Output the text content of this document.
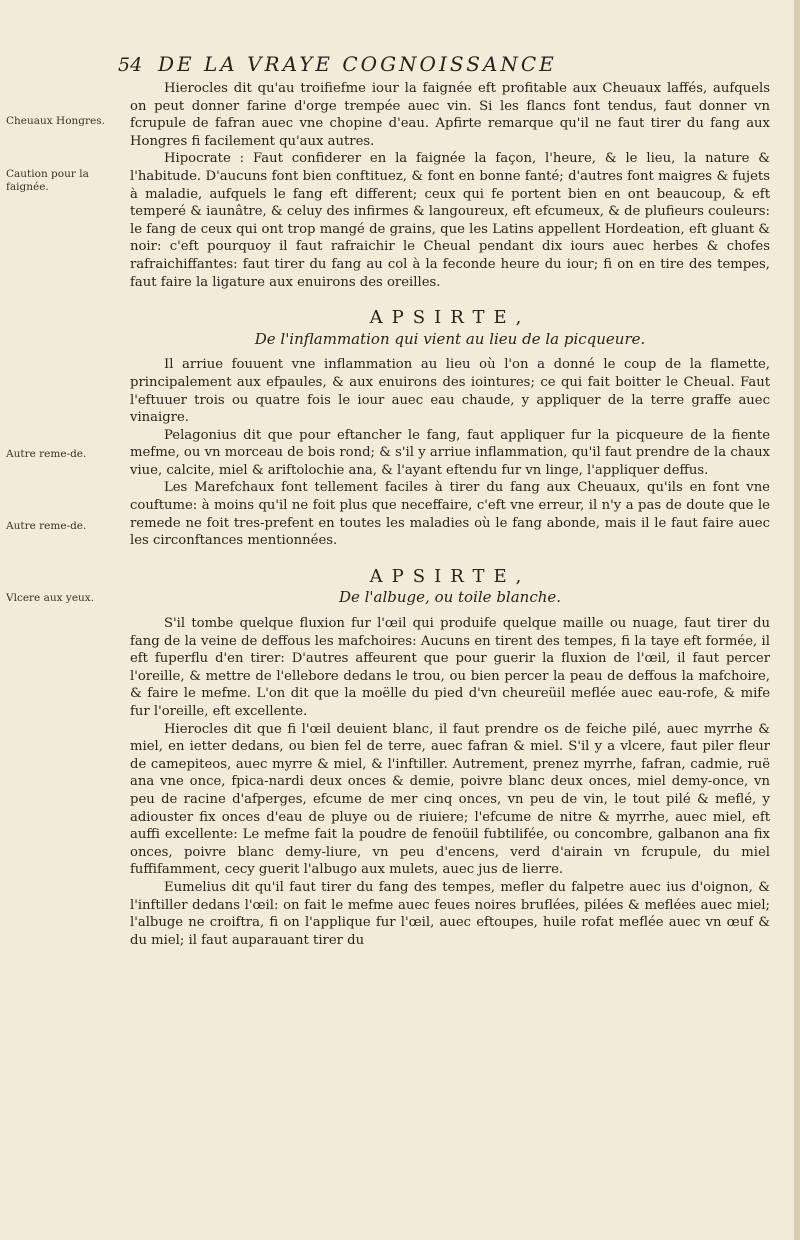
54 DE LA VRAYE COGNOISSANCE
Cheuaux Hongres.
Caution pour la faignée.
Autre reme-de.
Autre reme-de.
Vlcere aux yeux.

Hierocles dit qu'au troifiefme iour la faignée eft profitable aux Cheuaux laffés, aufquels on peut donner farine d'orge trempée auec vin. Si les flancs font tendus, faut donner vn fcrupule de fafran auec vne chopine d'eau. Apfirte remarque qu'il ne faut tirer du fang aux Hongres fi facilement qu'aux autres.

Hipocrate : Faut confiderer en la faignée la façon, l'heure, & le lieu, la nature & l'habitude. D'aucuns font bien conftituez, & font en bonne fanté; d'autres font maigres & fujets à maladie, aufquels le fang eft different; ceux qui fe portent bien en ont beaucoup, & eft temperé & iaunâtre, & celuy des infirmes & langoureux, eft efcumeux, & de plufieurs couleurs: le fang de ceux qui ont trop mangé de grains, que les Latins appellent Hordeation, eft gluant & noir: c'eft pourquoy il faut rafraichir le Cheual pendant dix iours auec herbes & chofes rafraichiffantes: faut tirer du fang au col à la feconde heure du iour; fi on en tire des tempes, faut faire la ligature aux enuirons des oreilles.

APSIRTE,
De l'inflammation qui vient au lieu de la picqueure.

Il arriue fouuent vne inflammation au lieu où l'on a donné le coup de la flamette, principalement aux efpaules, & aux enuirons des iointures; ce qui fait boitter le Cheual. Faut l'eftuuer trois ou quatre fois le iour auec eau chaude, y appliquer de la terre graffe auec vinaigre.

Pelagonius dit que pour eftancher le fang, faut appliquer fur la picqueure de la fiente mefme, ou vn morceau de bois rond; & s'il y arriue inflammation, qu'il faut prendre de la chaux viue, calcite, miel & ariftolochie ana, & l'ayant eftendu fur vn linge, l'appliquer deffus.

Les Marefchaux font tellement faciles à tirer du fang aux Cheuaux, qu'ils en font vne couftume: à moins qu'il ne foit plus que neceffaire, c'eft vne erreur, il n'y a pas de doute que le remede ne foit tres-prefent en toutes les maladies où le fang abonde, mais il le faut faire auec les circonftances mentionnées.

APSIRTE,
De l'albuge, ou toile blanche.

S'il tombe quelque fluxion fur l'œil qui produife quelque maille ou nuage, faut tirer du fang de la veine de deffous les mafchoires: Aucuns en tirent des tempes, fi la taye eft formée, il eft fuperflu d'en tirer: D'autres affeurent que pour guerir la fluxion de l'œil, il faut percer l'oreille, & mettre de l'ellebore dedans le trou, ou bien percer la peau de deffous la mafchoire, & faire le mefme. L'on dit que la moëlle du pied d'vn cheureüil meflée auec eau-rofe, & mife fur l'oreille, eft excellente.

Hierocles dit que fi l'œil deuient blanc, il faut prendre os de feiche pilé, auec myrrhe & miel, en ietter dedans, ou bien fel de terre, auec fafran & miel. S'il y a vlcere, faut piler fleur de camepiteos, auec myrre & miel, & l'inftiller. Autrement, prenez myrrhe, fafran, cadmie, ruë ana vne once, fpica-nardi deux onces & demie, poivre blanc deux onces, miel demy-once, vn peu de racine d'afperges, efcume de mer cinq onces, vn peu de vin, le tout pilé & meflé, y adiouster fix onces d'eau de pluye ou de riuiere; l'efcume de nitre & myrrhe, auec miel, eft auffi excellente: Le mefme fait la poudre de fenoüil fubtilifée, ou concombre, galbanon ana fix onces, poivre blanc demy-liure, vn peu d'encens, verd d'airain vn fcrupule, du miel fuffifamment, cecy guerit l'albugo aux mulets, auec jus de lierre.

Eumelius dit qu'il faut tirer du fang des tempes, mefler du falpetre auec ius d'oignon, & l'inftiller dedans l'œil: on fait le mefme auec feues noires bruflées, pilées & meflées auec miel; l'albuge ne croiftra, fi on l'applique fur l'œil, auec eftoupes, huile rofat meflée auec vn œuf & du miel; il faut auparauant tirer du
